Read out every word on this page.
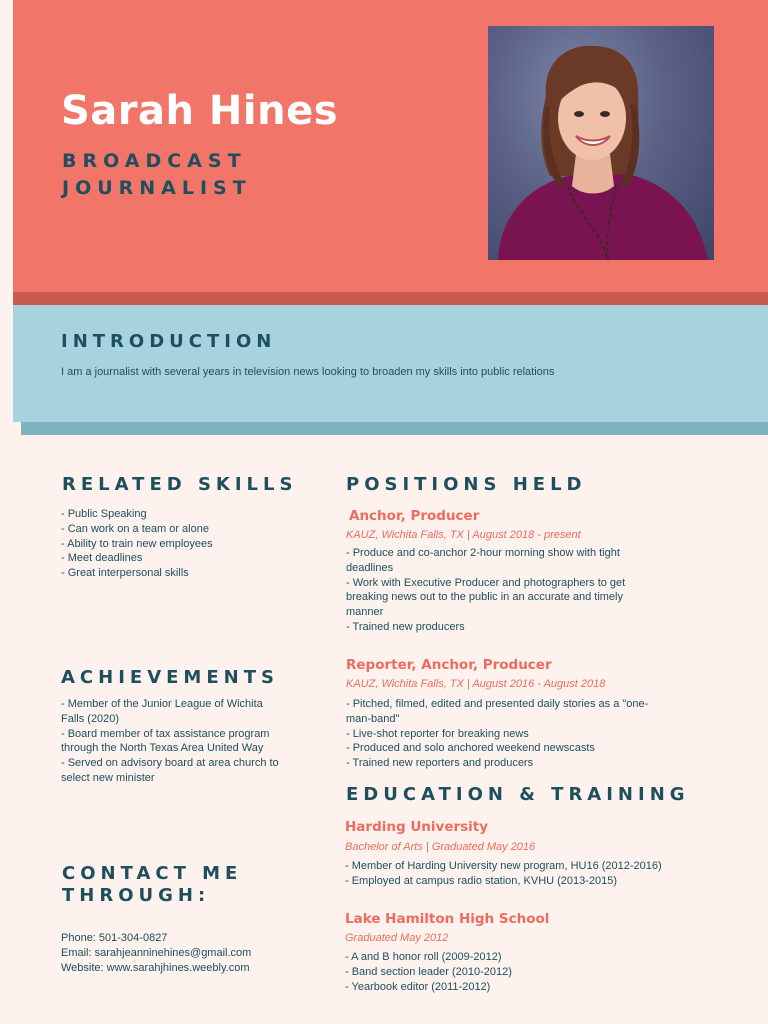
Sarah Hines

BROADCAST

JOURNALIST

INTRODUCTION

I am a journalist with several years in television news looking to broaden my skills into public relations

RELATED SKILLS
- Public Speaking
- Can work on a team or alone
- Ability to train new employees
- Meet deadlines
- Great interpersonal skills
ACHIEVEMENTS
- Member of the Junior League of Wichita
Falls (2020)
- Board member of tax assistance program
through the North Texas Area United Way
- Served on advisory board at area church to
select new minister
CONTACT ME
THROUGH:
Phone: 501-304-0827
Email: sarahjeanninehines@gmail.com
Website: www.sarahjhines.weebly.com
POSITIONS HELD

Anchor, Producer

KAUZ, Wichita Falls, TX | August 2018 - present

- Produce and co-anchor 2-hour morning show with tight
deadlines
- Work with Executive Producer and photographers to get
breaking news out to the public in an accurate and timely
manner
- Trained new producers

Reporter, Anchor, Producer

KAUZ, Wichita Falls, TX | August 2016 - August 2018

- Pitched, filmed, edited and presented daily stories as a "one-
man-band"
- Live-shot reporter for breaking news
- Produced and solo anchored weekend newscasts
- Trained new reporters and producers
EDUCATION & TRAINING

Harding University

Bachelor of Arts | Graduated May 2016

- Member of Harding University new program, HU16 (2012-2016)
- Employed at campus radio station, KVHU (2013-2015)

Lake Hamilton High School

Graduated May 2012

- A and B honor roll (2009-2012)
- Band section leader (2010-2012)
- Yearbook editor (2011-2012)
